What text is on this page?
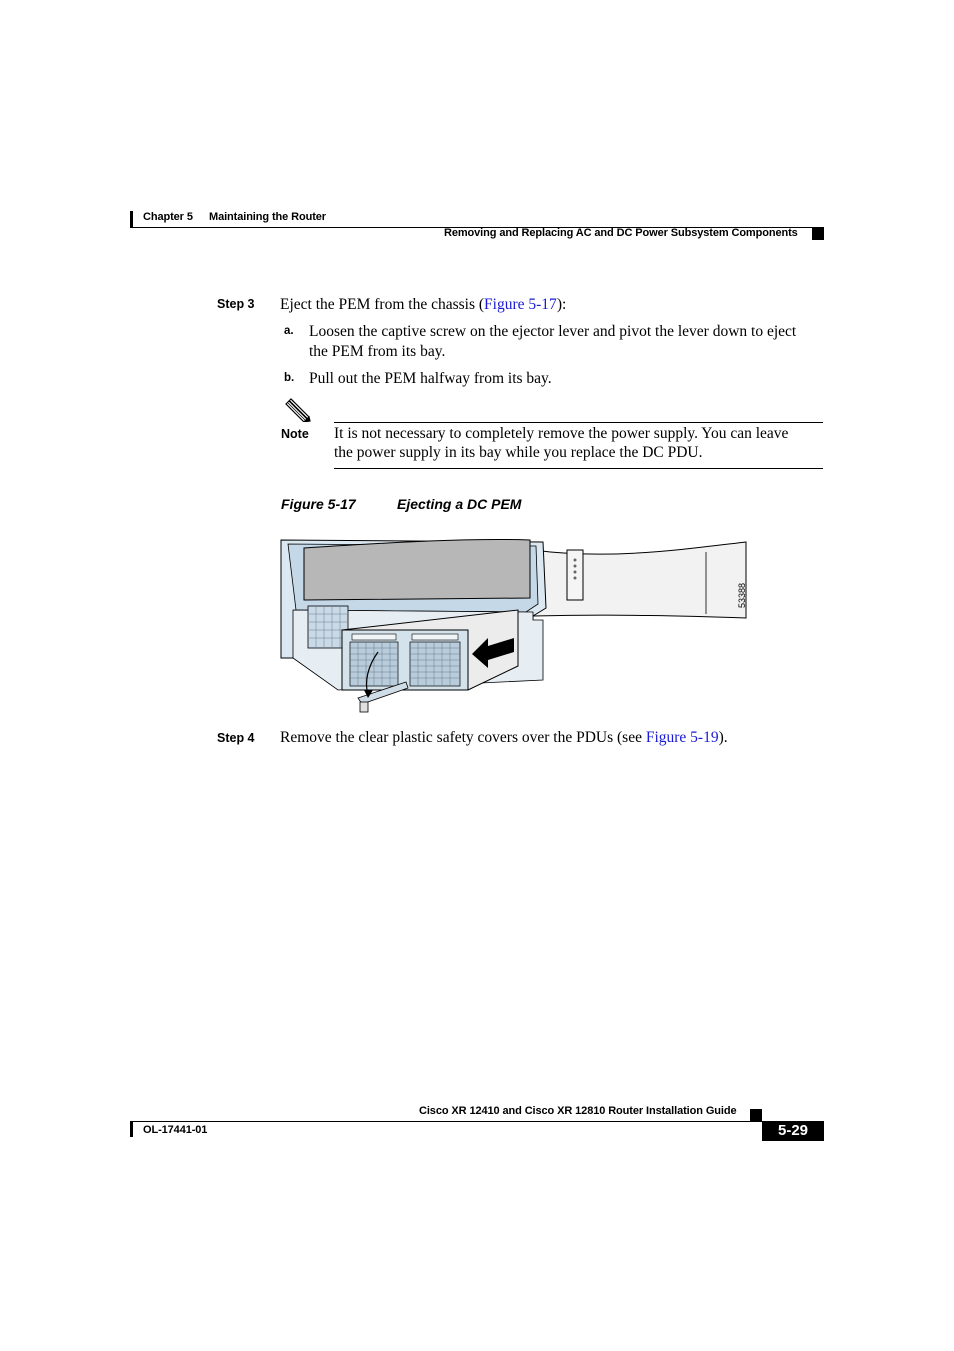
Chapter 5 Maintaining the Router
Removing and Replacing AC and DC Power Subsystem Components
Step 3 Eject the PEM from the chassis (Figure 5-17):
a. Loosen the captive screw on the ejector lever and pivot the lever down to eject
the PEM from its bay.
b. Pull out the PEM halfway from its bay.
Note It is not necessary to completely remove the power supply. You can leave
the power supply in its bay while you replace the DC PDU.
Figure 5-17	Ejecting a DC PEM
53388
Step 4 Remove the clear plastic safety covers over the PDUs (see Figure 5-19).
Cisco XR 12410 and Cisco XR 12810 Router Installation Guide
OL-17441-01	5-29
